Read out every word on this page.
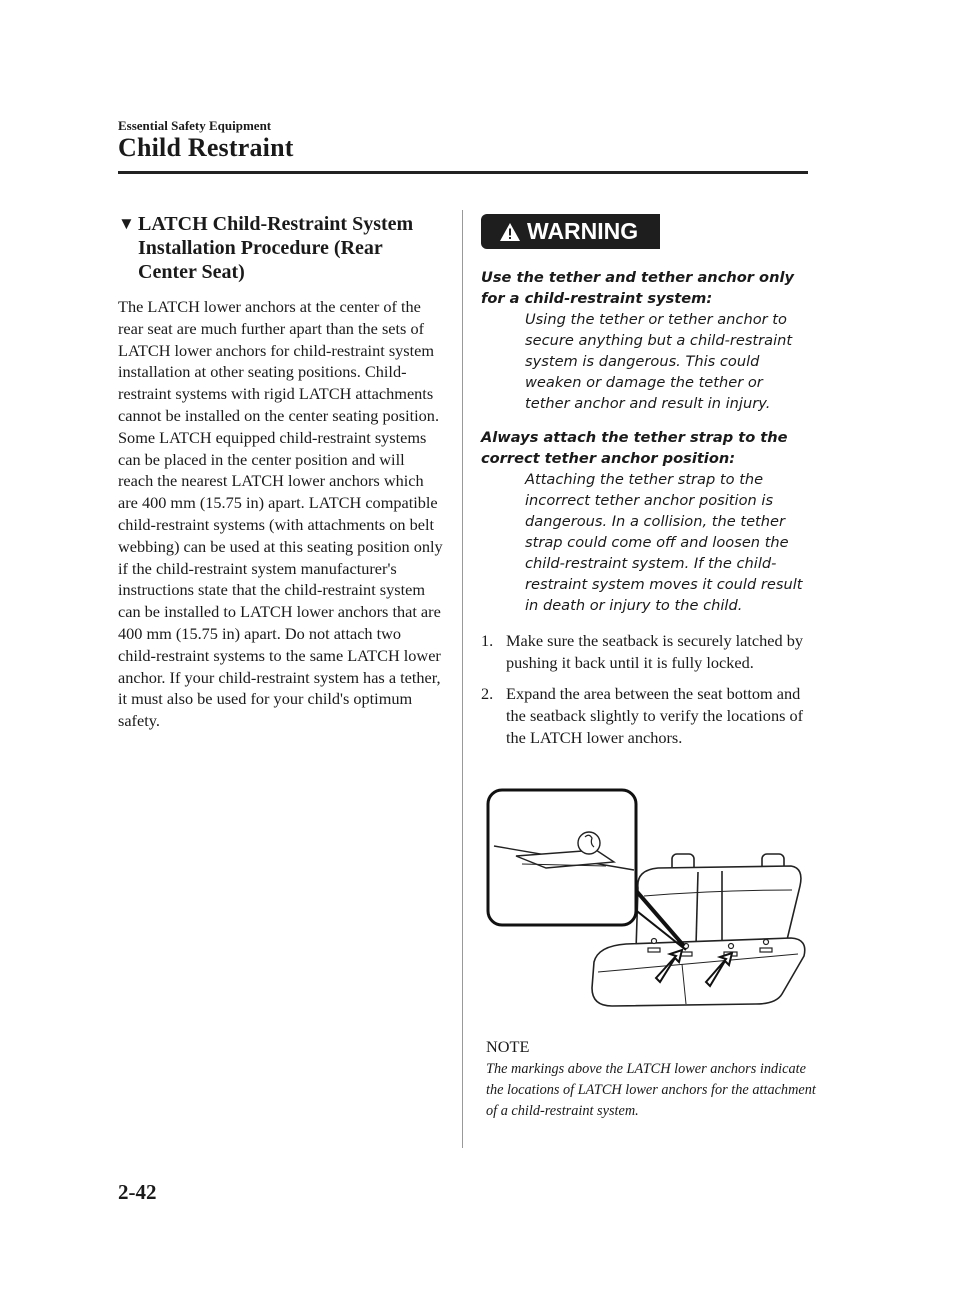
Essential Safety Equipment
Child Restraint
▼ LATCH Child-Restraint System Installation Procedure (Rear Center Seat)
The LATCH lower anchors at the center of the rear seat are much further apart than the sets of LATCH lower anchors for child-restraint system installation at other seating positions. Child-restraint systems with rigid LATCH attachments cannot be installed on the center seating position. Some LATCH equipped child-restraint systems can be placed in the center position and will reach the nearest LATCH lower anchors which are 400 mm (15.75 in) apart. LATCH compatible child-restraint systems (with attachments on belt webbing) can be used at this seating position only if the child-restraint system manufacturer's instructions state that the child-restraint system can be installed to LATCH lower anchors that are 400 mm (15.75 in) apart. Do not attach two child-restraint systems to the same LATCH lower anchor. If your child-restraint system has a tether, it must also be used for your child's optimum safety.
WARNING
Use the tether and tether anchor only for a child-restraint system:
Using the tether or tether anchor to secure anything but a child-restraint system is dangerous. This could weaken or damage the tether or tether anchor and result in injury.
Always attach the tether strap to the correct tether anchor position:
Attaching the tether strap to the incorrect tether anchor position is dangerous. In a collision, the tether strap could come off and loosen the child-restraint system. If the child-restraint system moves it could result in death or injury to the child.
1. Make sure the seatback is securely latched by pushing it back until it is fully locked.
2. Expand the area between the seat bottom and the seatback slightly to verify the locations of the LATCH lower anchors.
NOTE
The markings above the LATCH lower anchors indicate the locations of LATCH lower anchors for the attachment of a child-restraint system.
2-42
